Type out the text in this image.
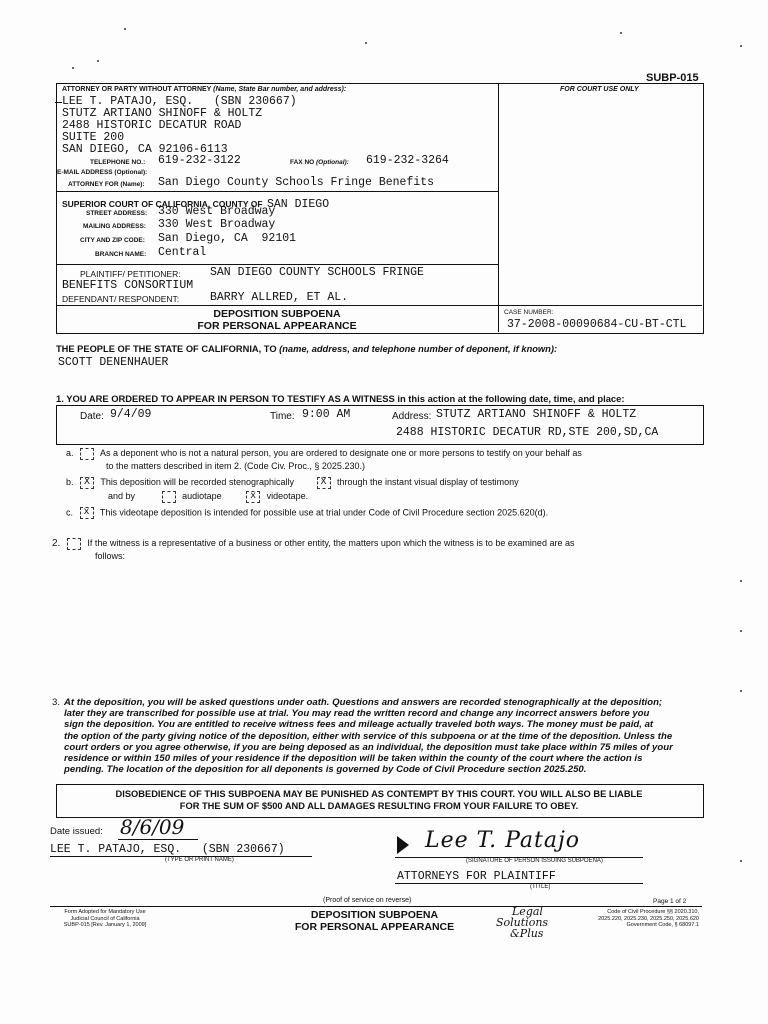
SUBP-015
ATTORNEY OR PARTY WITHOUT ATTORNEY (Name, State Bar number, and address):	FOR COURT USE ONLY
LEE T. PATAJO, ESQ.   (SBN 230667)
STUTZ ARTIANO SHINOFF & HOLTZ
2488 HISTORIC DECATUR ROAD
SUITE 200
SAN DIEGO, CA 92106-6113
TELEPHONE NO.: 619-232-3122	FAX NO (Optional): 619-232-3264
E-MAIL ADDRESS (Optional):
ATTORNEY FOR (Name): San Diego County Schools Fringe Benefits
SUPERIOR COURT OF CALIFORNIA, COUNTY OF SAN DIEGO
STREET ADDRESS: 330 West Broadway
MAILING ADDRESS: 330 West Broadway
CITY AND ZIP CODE: San Diego, CA  92101
BRANCH NAME: Central
PLAINTIFF/ PETITIONER:	SAN DIEGO COUNTY SCHOOLS FRINGE
BENEFITS CONSORTIUM
DEFENDANT/ RESPONDENT:	BARRY ALLRED, ET AL.
DEPOSITION SUBPOENA
FOR PERSONAL APPEARANCE
CASE NUMBER:
37-2008-00090684-CU-BT-CTL
THE PEOPLE OF THE STATE OF CALIFORNIA, TO (name, address, and telephone number of deponent, if known):
SCOTT DENENHAUER
1. YOU ARE ORDERED TO APPEAR IN PERSON TO TESTIFY AS A WITNESS in this action at the following date, time, and place:
Date: 9/4/09	Time: 9:00 AM	Address: STUTZ ARTIANO SHINOFF & HOLTZ
2488 HISTORIC DECATUR RD,STE 200,SD,CA
a.	As a deponent who is not a natural person, you are ordered to designate one or more persons to testify on your behalf as
to the matters described in item 2. (Code Civ. Proc., § 2025.230.)
b. X This deposition will be recorded stenographically	X through the instant visual display of testimony
and by	audiotape	x videotape.
c. x This videotape deposition is intended for possible use at trial under Code of Civil Procedure section 2025.620(d).
2.	If the witness is a representative of a business or other entity, the matters upon which the witness is to be examined are as
follows:
3. At the deposition, you will be asked questions under oath. Questions and answers are recorded stenographically at the deposition;
later they are transcribed for possible use at trial. You may read the written record and change any incorrect answers before you
sign the deposition. You are entitled to receive witness fees and mileage actually traveled both ways. The money must be paid, at
the option of the party giving notice of the deposition, either with service of this subpoena or at the time of the deposition. Unless the
court orders or you agree otherwise, if you are being deposed as an individual, the deposition must take place within 75 miles of your
residence or within 150 miles of your residence if the deposition will be taken within the county of the court where the action is
pending. The location of the deposition for all deponents is governed by Code of Civil Procedure section 2025.250.
DISOBEDIENCE OF THIS SUBPOENA MAY BE PUNISHED AS CONTEMPT BY THIS COURT. YOU WILL ALSO BE LIABLE
FOR THE SUM OF $500 AND ALL DAMAGES RESULTING FROM YOUR FAILURE TO OBEY.
Date issued: 8/6/09
LEE T. PATAJO, ESQ.   (SBN 230667)
(TYPE OR PRINT NAME)
Lee T. Patajo
(SIGNATURE OF PERSON ISSUING SUBPOENA)
ATTORNEYS FOR PLAINTIFF
(TITLE)
(Proof of service on reverse)	Page 1 of 2
Form Adopted for Mandatory Use
Judicial Council of California
SUBP-015 [Rev. January 1, 2009]
DEPOSITION SUBPOENA
FOR PERSONAL APPEARANCE
Legal
Solutions
&Plus
Code of Civil Procedure §§ 2020.310,
2025.220, 2025.230, 2025.250, 2025.620
Government Code, § 68097.1
